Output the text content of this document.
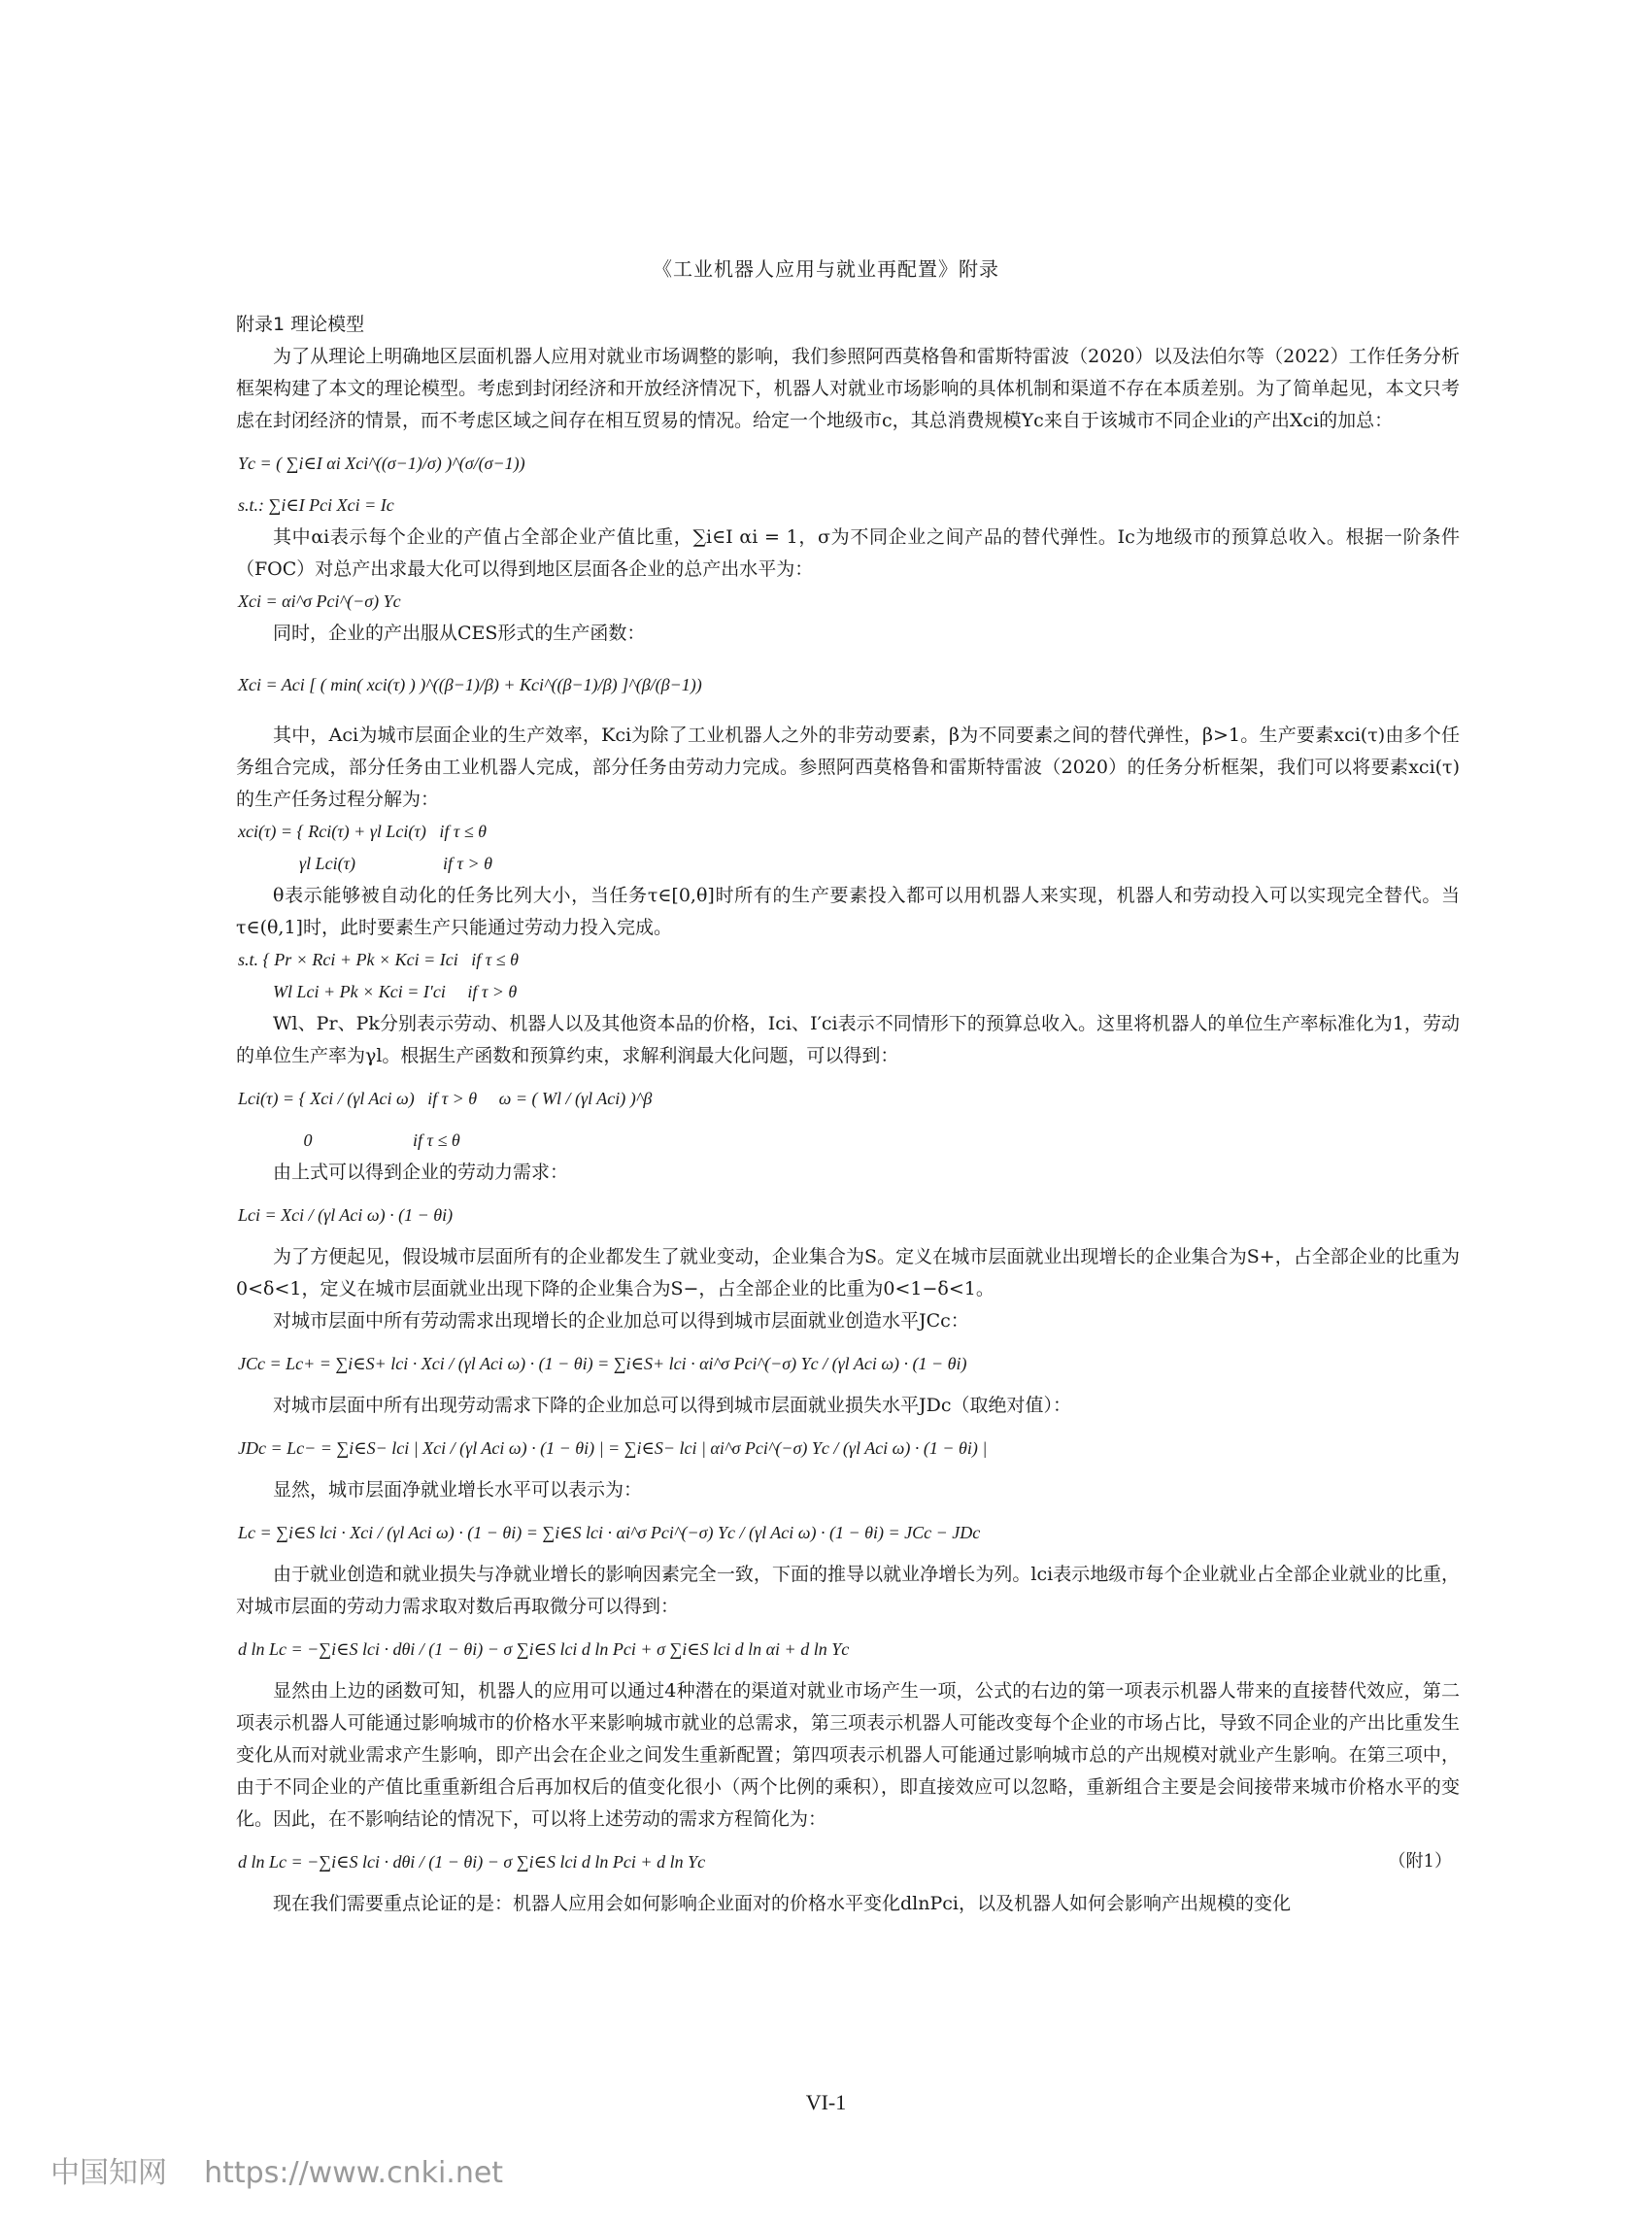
《工业机器人应用与就业再配置》附录

附录1 理论模型

为了从理论上明确地区层面机器人应用对就业市场调整的影响，我们参照阿西莫格鲁和雷斯特雷波（2020）以及法伯尔等（2022）工作任务分析框架构建了本文的理论模型。考虑到封闭经济和开放经济情况下，机器人对就业市场影响的具体机制和渠道不存在本质差别。为了简单起见，本文只考虑在封闭经济的情景，而不考虑区域之间存在相互贸易的情况。给定一个地级市c，其总消费规模Yc来自于该城市不同企业i的产出Xci的加总：

Yc = ( ∑i∈I αi Xci^((σ−1)/σ) )^(σ/(σ−1))

s.t.: ∑i∈I Pci Xci = Ic

其中αi表示每个企业的产值占全部企业产值比重，∑i∈I αi = 1，σ为不同企业之间产品的替代弹性。Ic为地级市的预算总收入。根据一阶条件（FOC）对总产出求最大化可以得到地区层面各企业的总产出水平为：

Xci = αi^σ Pci^(−σ) Yc

同时，企业的产出服从CES形式的生产函数：

Xci = Aci [ ( min( xci(τ) ) )^((β−1)/β) + Kci^((β−1)/β) ]^(β/(β−1))

其中，Aci为城市层面企业的生产效率，Kci为除了工业机器人之外的非劳动要素，β为不同要素之间的替代弹性，β>1。生产要素xci(τ)由多个任务组合完成，部分任务由工业机器人完成，部分任务由劳动力完成。参照阿西莫格鲁和雷斯特雷波（2020）的任务分析框架，我们可以将要素xci(τ)的生产任务过程分解为：

xci(τ) = { Rci(τ) + γl Lci(τ)   if τ ≤ θ

γl Lci(τ)                    if τ > θ

θ表示能够被自动化的任务比列大小，当任务τ∈[0,θ]时所有的生产要素投入都可以用机器人来实现，机器人和劳动投入可以实现完全替代。当τ∈(θ,1]时，此时要素生产只能通过劳动力投入完成。

s.t. { Pr × Rci + Pk × Kci = Ici   if τ ≤ θ

Wl Lci + Pk × Kci = I′ci     if τ > θ

Wl、Pr、Pk分别表示劳动、机器人以及其他资本品的价格，Ici、I′ci表示不同情形下的预算总收入。这里将机器人的单位生产率标准化为1，劳动的单位生产率为γl。根据生产函数和预算约束，求解利润最大化问题，可以得到：

Lci(τ) = { Xci / (γl Aci ω)   if τ > θ     ω = ( Wl / (γl Aci) )^β

0                       if τ ≤ θ

由上式可以得到企业的劳动力需求：

Lci = Xci / (γl Aci ω) · (1 − θi)

为了方便起见，假设城市层面所有的企业都发生了就业变动，企业集合为S。定义在城市层面就业出现增长的企业集合为S+，占全部企业的比重为0<δ<1，定义在城市层面就业出现下降的企业集合为S−，占全部企业的比重为0<1−δ<1。

对城市层面中所有劳动需求出现增长的企业加总可以得到城市层面就业创造水平JCc：

JCc = Lc+ = ∑i∈S+ lci · Xci / (γl Aci ω) · (1 − θi) = ∑i∈S+ lci · αi^σ Pci^(−σ) Yc / (γl Aci ω) · (1 − θi)

对城市层面中所有出现劳动需求下降的企业加总可以得到城市层面就业损失水平JDc（取绝对值）：

JDc = Lc− = ∑i∈S− lci | Xci / (γl Aci ω) · (1 − θi) | = ∑i∈S− lci | αi^σ Pci^(−σ) Yc / (γl Aci ω) · (1 − θi) |

显然，城市层面净就业增长水平可以表示为：

Lc = ∑i∈S lci · Xci / (γl Aci ω) · (1 − θi) = ∑i∈S lci · αi^σ Pci^(−σ) Yc / (γl Aci ω) · (1 − θi) = JCc − JDc

由于就业创造和就业损失与净就业增长的影响因素完全一致，下面的推导以就业净增长为列。lci表示地级市每个企业就业占全部企业就业的比重，对城市层面的劳动力需求取对数后再取微分可以得到：

d ln Lc = −∑i∈S lci · dθi / (1 − θi) − σ ∑i∈S lci d ln Pci + σ ∑i∈S lci d ln αi + d ln Yc

显然由上边的函数可知，机器人的应用可以通过4种潜在的渠道对就业市场产生一项，公式的右边的第一项表示机器人带来的直接替代效应，第二项表示机器人可能通过影响城市的价格水平来影响城市就业的总需求，第三项表示机器人可能改变每个企业的市场占比，导致不同企业的产出比重发生变化从而对就业需求产生影响，即产出会在企业之间发生重新配置；第四项表示机器人可能通过影响城市总的产出规模对就业产生影响。在第三项中，由于不同企业的产值比重重新组合后再加权后的值变化很小（两个比例的乘积），即直接效应可以忽略，重新组合主要是会间接带来城市价格水平的变化。因此，在不影响结论的情况下，可以将上述劳动的需求方程简化为：

d ln Lc = −∑i∈S lci · dθi / (1 − θi) − σ ∑i∈S lci d ln Pci + d ln Yc	（附1）

现在我们需要重点论证的是：机器人应用会如何影响企业面对的价格水平变化dlnPci，以及机器人如何会影响产出规模的变化

VI-1
中国知网    https://www.cnki.net
